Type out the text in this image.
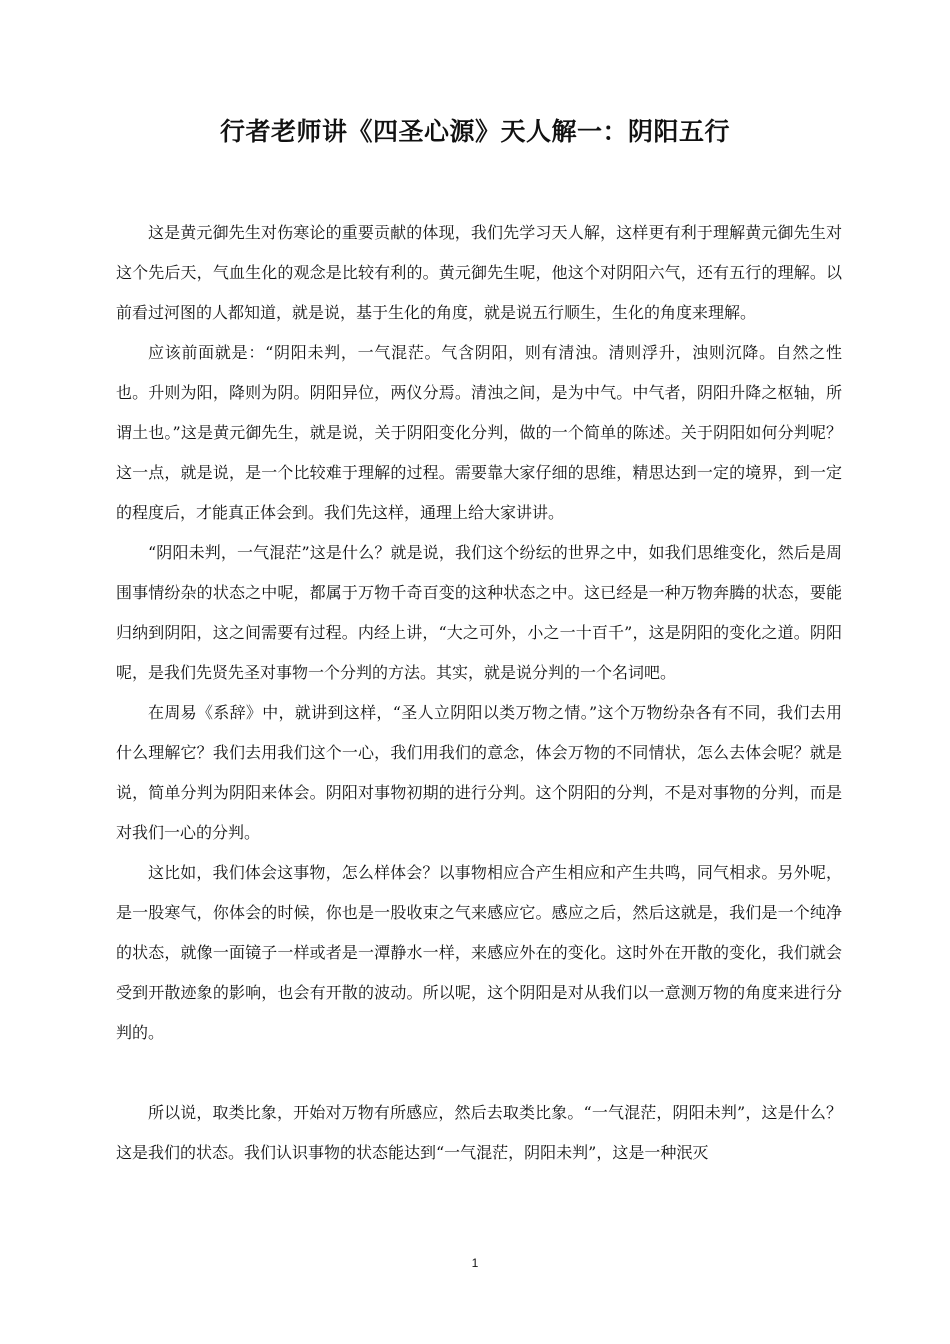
行者老师讲《四圣心源》天人解一：阴阳五行

这是黄元御先生对伤寒论的重要贡献的体现，我们先学习天人解，这样更有利于理解黄元御先生对这个先后天，气血生化的观念是比较有利的。黄元御先生呢，他这个对阴阳六气，还有五行的理解。以前看过河图的人都知道，就是说，基于生化的角度，就是说五行顺生，生化的角度来理解。

应该前面就是：“阴阳未判，一气混茫。气含阴阳，则有清浊。清则浮升，浊则沉降。自然之性也。升则为阳，降则为阴。阴阳异位，两仪分焉。清浊之间，是为中气。中气者，阴阳升降之枢轴，所谓土也。”这是黄元御先生，就是说，关于阴阳变化分判，做的一个简单的陈述。关于阴阳如何分判呢？这一点，就是说，是一个比较难于理解的过程。需要靠大家仔细的思维，精思达到一定的境界，到一定的程度后，才能真正体会到。我们先这样，通理上给大家讲讲。

“阴阳未判，一气混茫”这是什么？就是说，我们这个纷纭的世界之中，如我们思维变化，然后是周围事情纷杂的状态之中呢，都属于万物千奇百变的这种状态之中。这已经是一种万物奔腾的状态，要能归纳到阴阳，这之间需要有过程。内经上讲，“大之可外，小之一十百千”，这是阴阳的变化之道。阴阳呢，是我们先贤先圣对事物一个分判的方法。其实，就是说分判的一个名词吧。

在周易《系辞》中，就讲到这样，“圣人立阴阳以类万物之情。”这个万物纷杂各有不同，我们去用什么理解它？我们去用我们这个一心，我们用我们的意念，体会万物的不同情状，怎么去体会呢？就是说，简单分判为阴阳来体会。阴阳对事物初期的进行分判。这个阴阳的分判，不是对事物的分判，而是对我们一心的分判。

这比如，我们体会这事物，怎么样体会？以事物相应合产生相应和产生共鸣，同气相求。另外呢，是一股寒气，你体会的时候，你也是一股收束之气来感应它。感应之后，然后这就是，我们是一个纯净的状态，就像一面镜子一样或者是一潭静水一样，来感应外在的变化。这时外在开散的变化，我们就会受到开散迹象的影响，也会有开散的波动。所以呢，这个阴阳是对从我们以一意测万物的角度来进行分判的。

所以说，取类比象，开始对万物有所感应，然后去取类比象。“一气混茫，阴阳未判”，这是什么？这是我们的状态。我们认识事物的状态能达到“一气混茫，阴阳未判”，这是一种泯灭

1
